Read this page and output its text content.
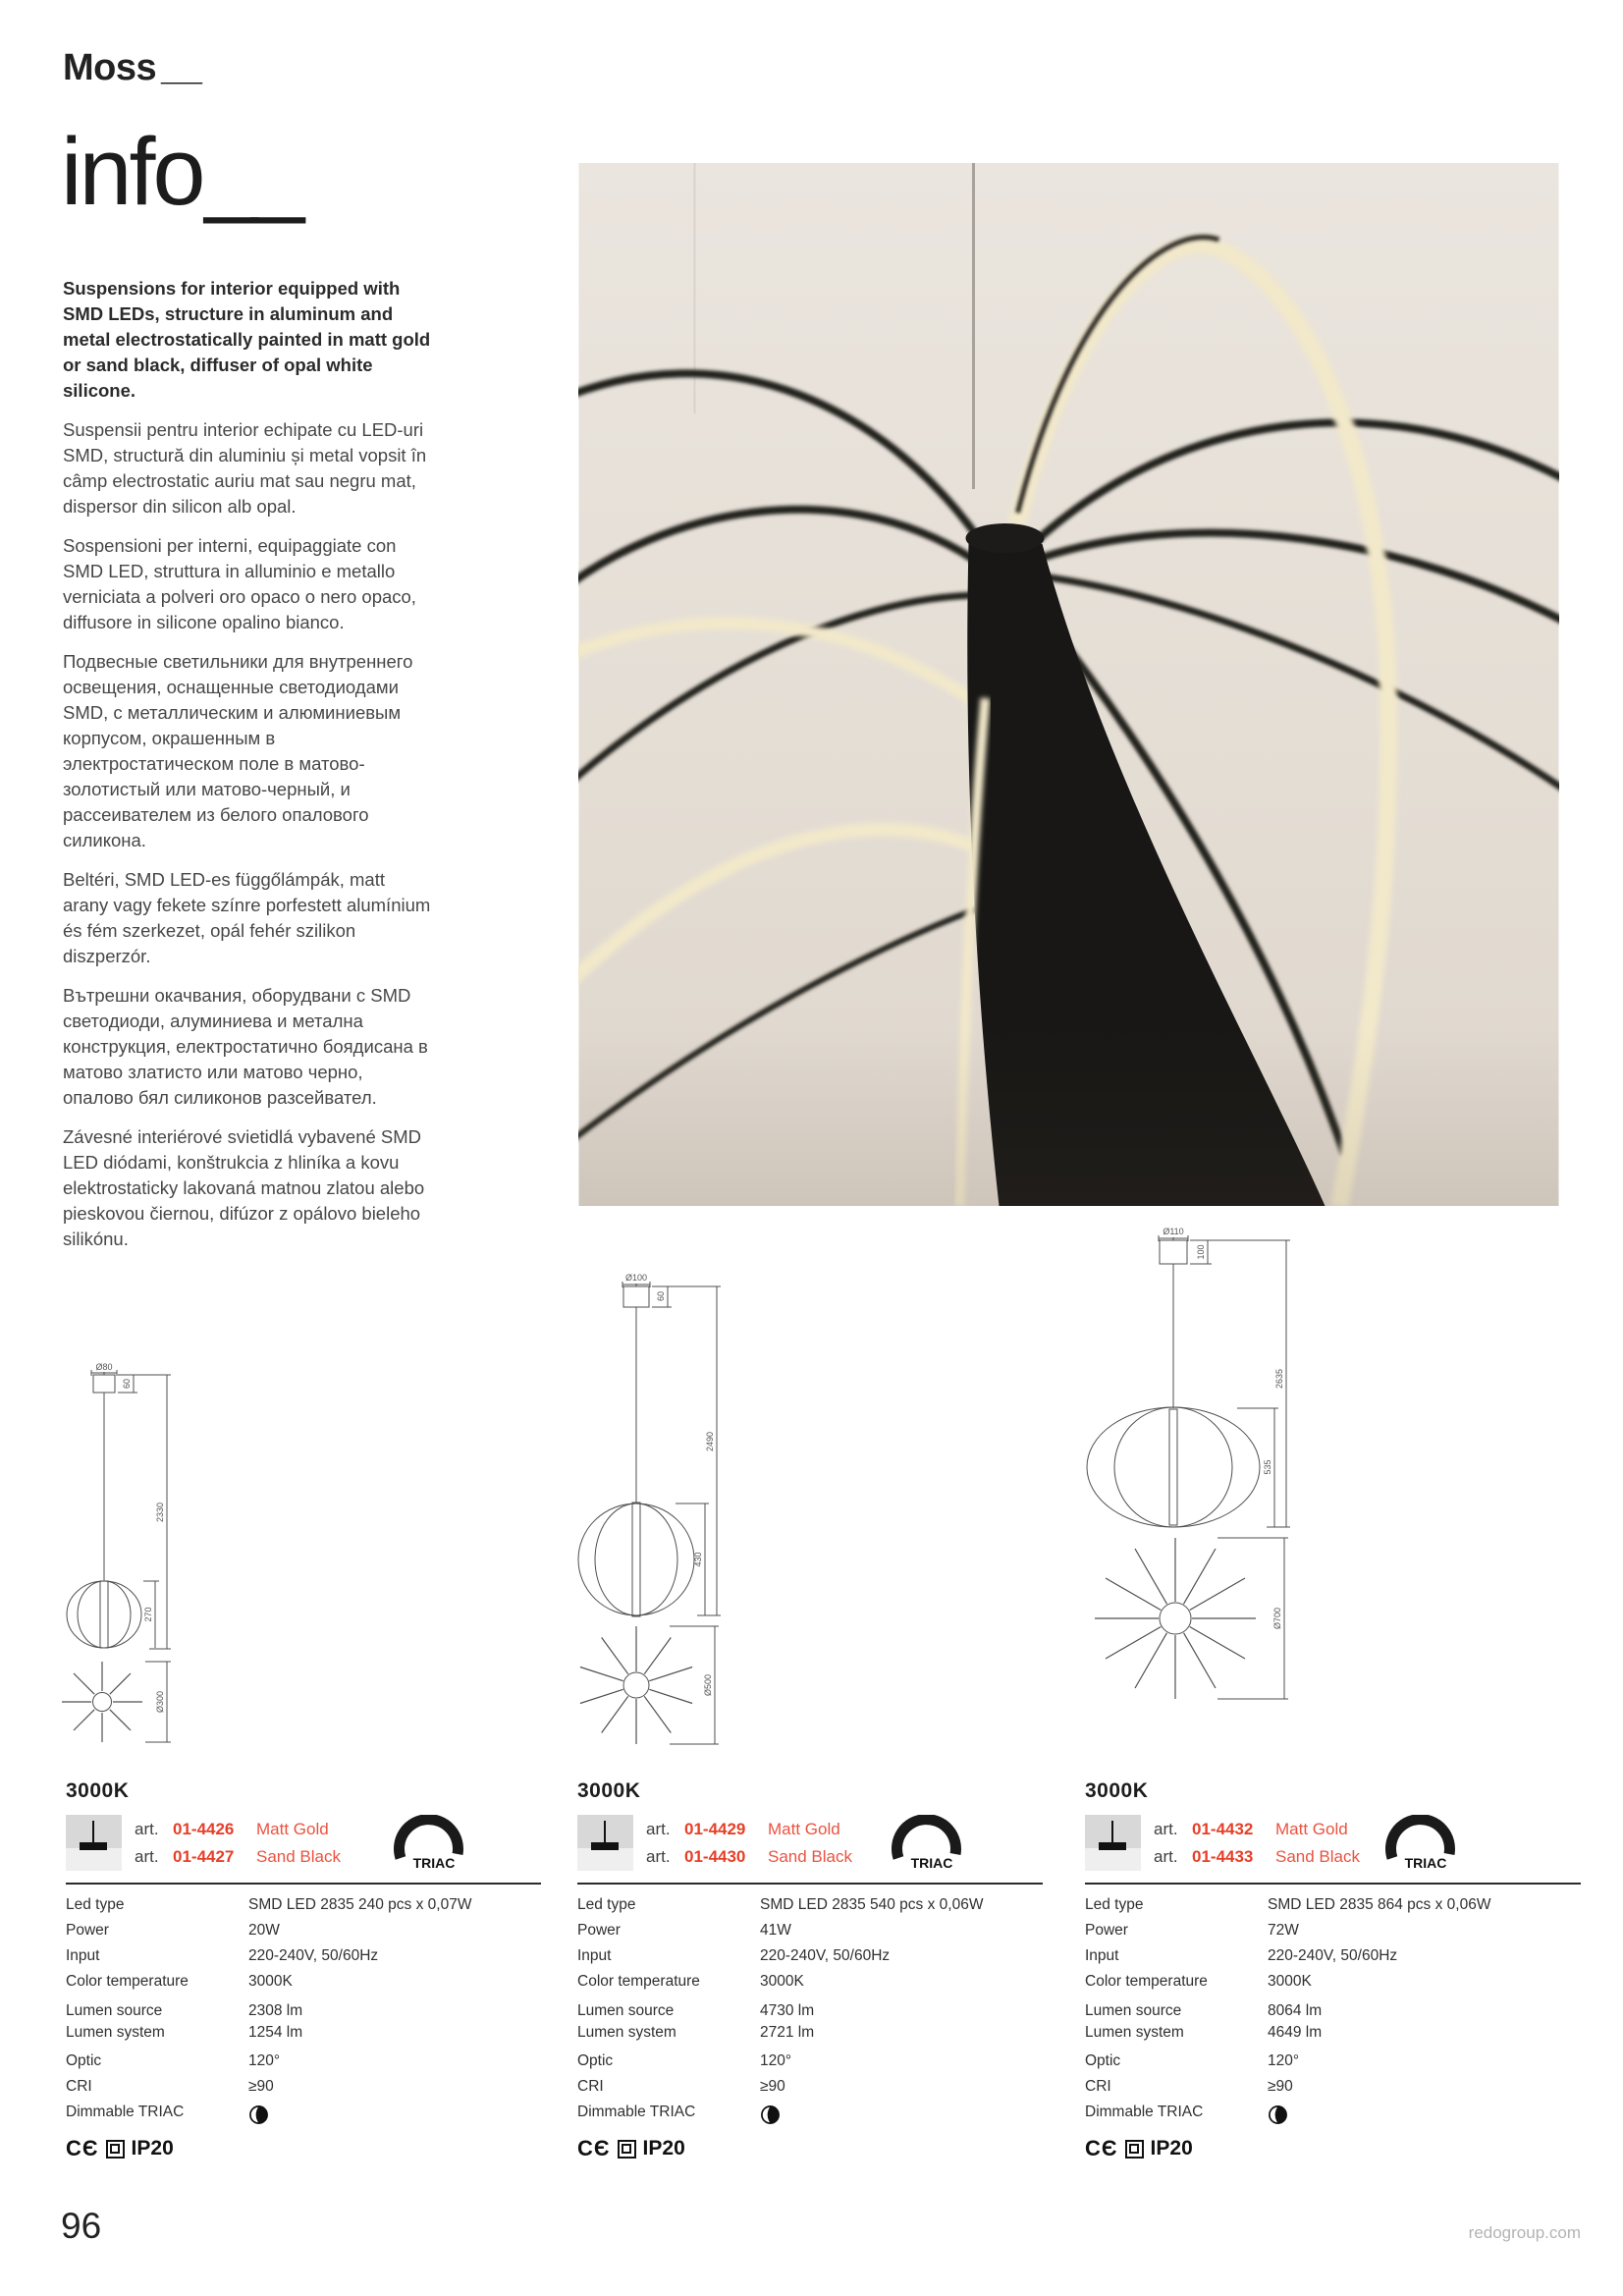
Moss __
info__

Suspensions for interior equipped with SMD LEDs, structure in aluminum and metal electrostatically painted in matt gold or sand black, diffuser of opal white silicone.

Suspensii pentru interior echipate cu LED-uri SMD, structură din aluminiu și metal vopsit în câmp electrostatic auriu mat sau negru mat, dispersor din silicon alb opal.

Sospensioni per interni, equipaggiate con SMD LED, struttura in alluminio e metallo verniciata a polveri oro opaco o nero opaco, diffusore in silicone opalino bianco.

Подвесные светильники для внутреннего освещения, оснащенные светодиодами SMD, с металлическим и алюминиевым корпусом, окрашенным в электростатическом поле в матово-золотистый или матово-черный, и рассеивателем из белого опалового силикона.

Beltéri, SMD LED-es függőlámpák, matt arany vagy fekete színre porfestett alumínium és fém szerkezet, opál fehér szilikon diszperzór.

Вътрешни окачвания, оборудвани с SMD светодиоди, алуминиева и метална конструкция, електростатично боядисана в матово златисто или матово черно, опалово бял силиконов разсейвател.

Závesné interiérové svietidlá vybavené SMD LED diódami, konštrukcia z hliníka a kovu elektrostaticky lakovaná matnou zlatou alebo pieskovou čiernou, difúzor z opálovo bieleho silikónu.

Ø80
60
2330
270
Ø300
Ø100
60
2490
430
Ø500
Ø110
100
2635
535
Ø700
3000K
art. 01-4426	Matt Gold
art. 01-4427	Sand Black	TRIAC
Led type	SMD LED 2835 240 pcs x 0,07W
Power	20W
Input	220-240V, 50/60Hz
Color temperature	3000K
Lumen source	2308 lm
Lumen system	1254 lm
Optic	120°
CRI	≥90
Dimmable TRIAC
CЄ IP20
3000K
art. 01-4429	Matt Gold
art. 01-4430	Sand Black	TRIAC
Led type	SMD LED 2835 540 pcs x 0,06W
Power	41W
Input	220-240V, 50/60Hz
Color temperature	3000K
Lumen source	4730 lm
Lumen system	2721 lm
Optic	120°
CRI	≥90
Dimmable TRIAC
CЄ IP20
3000K
art. 01-4432	Matt Gold
art. 01-4433	Sand Black	TRIAC
Led type	SMD LED 2835 864 pcs x 0,06W
Power	72W
Input	220-240V, 50/60Hz
Color temperature	3000K
Lumen source	8064 lm
Lumen system	4649 lm
Optic	120°
CRI	≥90
Dimmable TRIAC
CЄ IP20
96	redogroup.com
